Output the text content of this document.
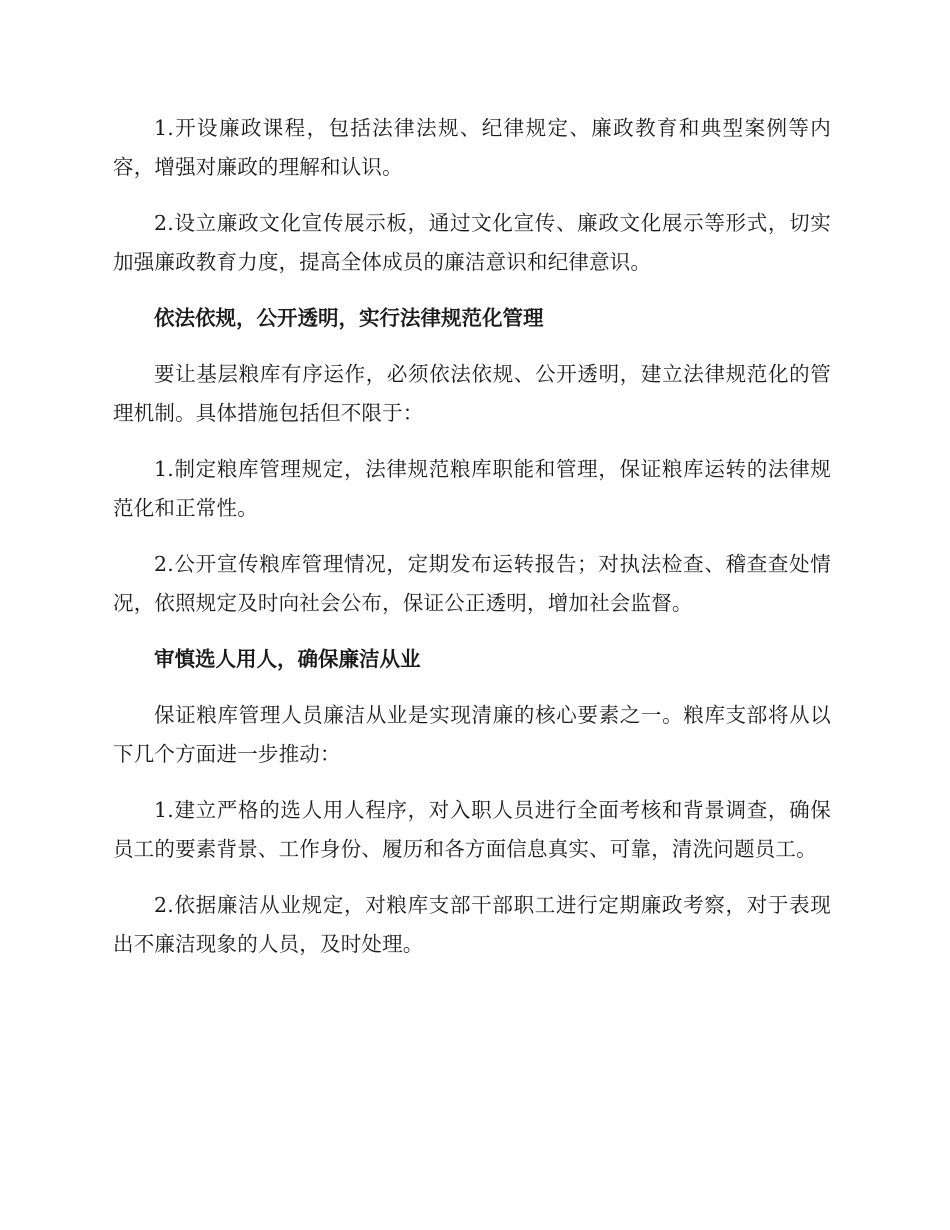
1.开设廉政课程，包括法律法规、纪律规定、廉政教育和典型案例等内容，增强对廉政的理解和认识。

2.设立廉政文化宣传展示板，通过文化宣传、廉政文化展示等形式，切实加强廉政教育力度，提高全体成员的廉洁意识和纪律意识。

依法依规，公开透明，实行法律规范化管理

要让基层粮库有序运作，必须依法依规、公开透明，建立法律规范化的管理机制。具体措施包括但不限于：

1.制定粮库管理规定，法律规范粮库职能和管理，保证粮库运转的法律规范化和正常性。

2.公开宣传粮库管理情况，定期发布运转报告；对执法检查、稽查查处情况，依照规定及时向社会公布，保证公正透明，增加社会监督。

审慎选人用人，确保廉洁从业

保证粮库管理人员廉洁从业是实现清廉的核心要素之一。粮库支部将从以下几个方面进一步推动：

1.建立严格的选人用人程序，对入职人员进行全面考核和背景调查，确保员工的要素背景、工作身份、履历和各方面信息真实、可靠，清洗问题员工。

2.依据廉洁从业规定，对粮库支部干部职工进行定期廉政考察，对于表现出不廉洁现象的人员，及时处理。
